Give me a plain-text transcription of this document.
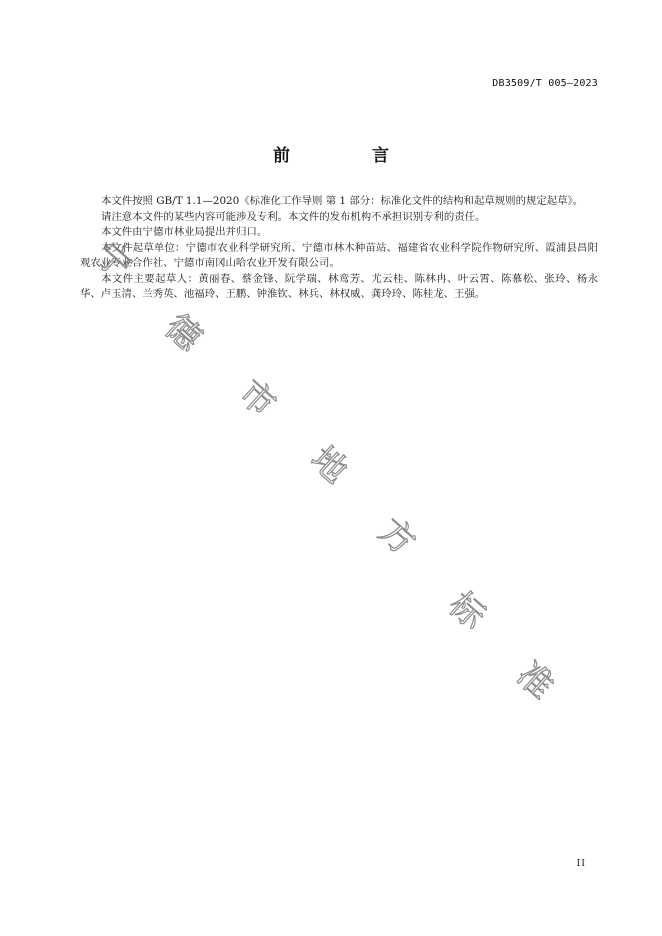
DB3509/T 005—2023
前 言

本文件按照 GB/T 1.1—2020《标准化工作导则 第 1 部分：标准化文件的结构和起草规则的规定起草》。

请注意本文件的某些内容可能涉及专利。本文件的发布机构不承担识别专利的责任。

本文件由宁德市林业局提出并归口。

本文件起草单位：宁德市农业科学研究所、宁德市林木种苗站、福建省农业科学院作物研究所、霞浦县昌阳观农业专业合作社、宁德市南冈山哈农业开发有限公司。

本文件主要起草人：黄丽春、蔡金锋、阮学瑞、林鸾芳、尤云桂、陈林冉、叶云霄、陈慕松、张玲、杨永华、卢玉清、兰秀英、池福玲、王鹏、钟淮钦、林兵、林权威、龚玲玲、陈桂龙、王强。

宁
德
市
地
方
标
准
II
